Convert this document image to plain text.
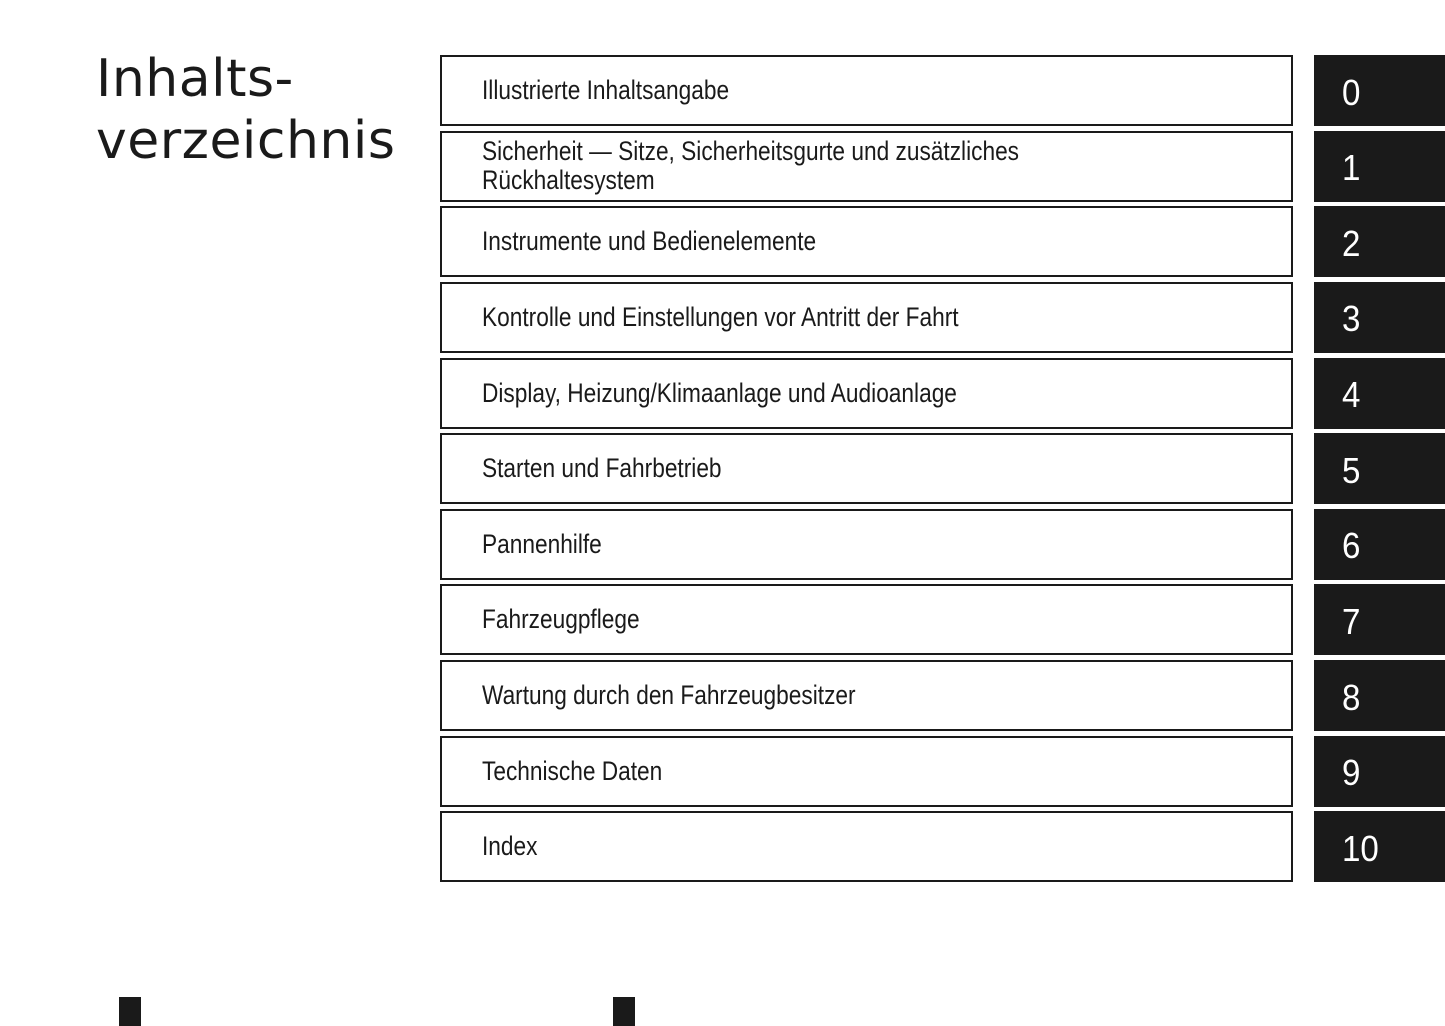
Inhalts-
verzeichnis
Illustrierte Inhaltsangabe	0
Sicherheit — Sitze, Sicherheitsgurte und zusätzliches
Rückhaltesystem	1
Instrumente und Bedienelemente	2
Kontrolle und Einstellungen vor Antritt der Fahrt	3
Display, Heizung/Klimaanlage und Audioanlage	4
Starten und Fahrbetrieb	5
Pannenhilfe	6
Fahrzeugpflege	7
Wartung durch den Fahrzeugbesitzer	8
Technische Daten	9
Index	10
